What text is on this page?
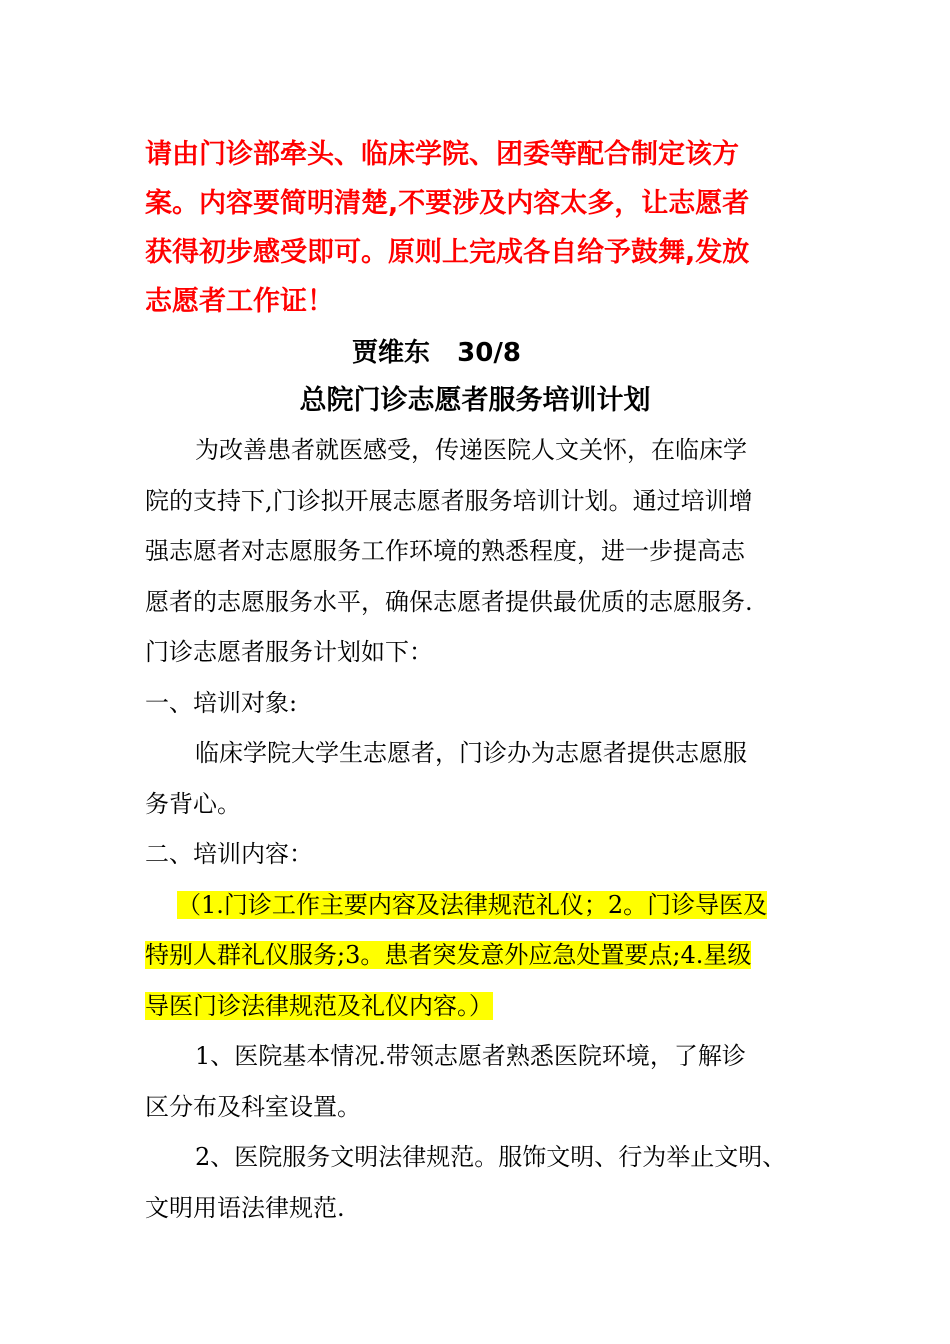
请由门诊部牵头、临床学院、团委等配合制定该方
案。内容要简明清楚,不要涉及内容太多，让志愿者
获得初步感受即可。原则上完成各自给予鼓舞,发放
志愿者工作证！
贾维东   30/8
总院门诊志愿者服务培训计划
为改善患者就医感受，传递医院人文关怀，在临床学
院的支持下,门诊拟开展志愿者服务培训计划。通过培训增
强志愿者对志愿服务工作环境的熟悉程度，进一步提高志
愿者的志愿服务水平，确保志愿者提供最优质的志愿服务.
门诊志愿者服务计划如下：
一、培训对象:
临床学院大学生志愿者，门诊办为志愿者提供志愿服
务背心。
二、培训内容：
（1.门诊工作主要内容及法律规范礼仪；2。门诊导医及
特别人群礼仪服务;3。患者突发意外应急处置要点;4.星级
导医门诊法律规范及礼仪内容。）
1、医院基本情况.带领志愿者熟悉医院环境，了解诊
区分布及科室设置。
2、医院服务文明法律规范。服饰文明、行为举止文明、
文明用语法律规范.
